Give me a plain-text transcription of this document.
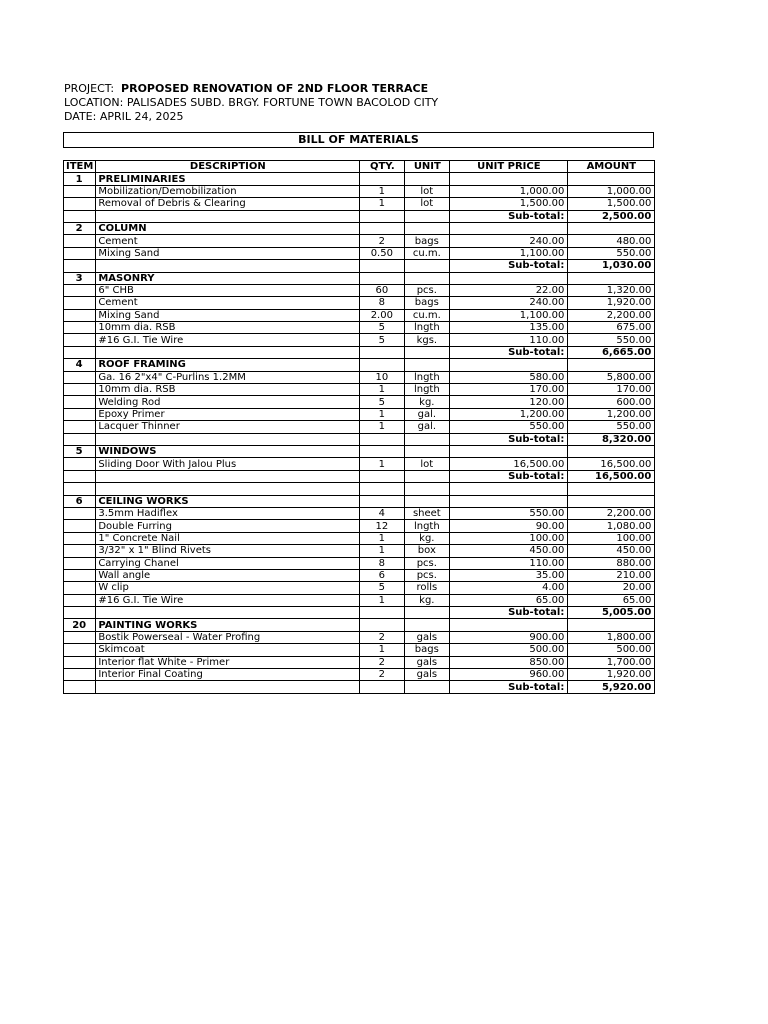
PROJECT: PROPOSED RENOVATION OF 2ND FLOOR TERRACE
LOCATION: PALISADES SUBD. BRGY. FORTUNE TOWN BACOLOD CITY
DATE: APRIL 24, 2025
BILL OF MATERIALS
ITEM	DESCRIPTION	QTY.	UNIT	UNIT PRICE	AMOUNT
1	PRELIMINARIES				
	Mobilization/Demobilization	1	lot	1,000.00	1,000.00
	Removal of Debris & Clearing	1	lot	1,500.00	1,500.00
				Sub-total:	2,500.00
2	COLUMN				
	Cement	2	bags	240.00	480.00
	Mixing Sand	0.50	cu.m.	1,100.00	550.00
				Sub-total:	1,030.00
3	MASONRY				
	6" CHB	60	pcs.	22.00	1,320.00
	Cement	8	bags	240.00	1,920.00
	Mixing Sand	2.00	cu.m.	1,100.00	2,200.00
	10mm dia. RSB	5	lngth	135.00	675.00
	#16 G.I. Tie Wire	5	kgs.	110.00	550.00
				Sub-total:	6,665.00
4	ROOF FRAMING				
	Ga. 16 2"x4" C-Purlins 1.2MM	10	lngth	580.00	5,800.00
	10mm dia. RSB	1	lngth	170.00	170.00
	Welding Rod	5	kg.	120.00	600.00
	Epoxy Primer	1	gal.	1,200.00	1,200.00
	Lacquer Thinner	1	gal.	550.00	550.00
				Sub-total:	8,320.00
5	WINDOWS				
	Sliding Door With Jalou Plus	1	lot	16,500.00	16,500.00
				Sub-total:	16,500.00

6	CEILING WORKS				
	3.5mm Hadiflex	4	sheet	550.00	2,200.00
	Double Furring	12	lngth	90.00	1,080.00
	1" Concrete Nail	1	kg.	100.00	100.00
	3/32" x 1" Blind Rivets	1	box	450.00	450.00
	Carrying Chanel	8	pcs.	110.00	880.00
	Wall angle	6	pcs.	35.00	210.00
	W clip	5	rolls	4.00	20.00
	#16 G.I. Tie Wire	1	kg.	65.00	65.00
				Sub-total:	5,005.00
20	PAINTING WORKS				
	Bostik Powerseal - Water Profing	2	gals	900.00	1,800.00
	Skimcoat	1	bags	500.00	500.00
	Interior flat White - Primer	2	gals	850.00	1,700.00
	Interior Final Coating	2	gals	960.00	1,920.00
				Sub-total:	5,920.00
